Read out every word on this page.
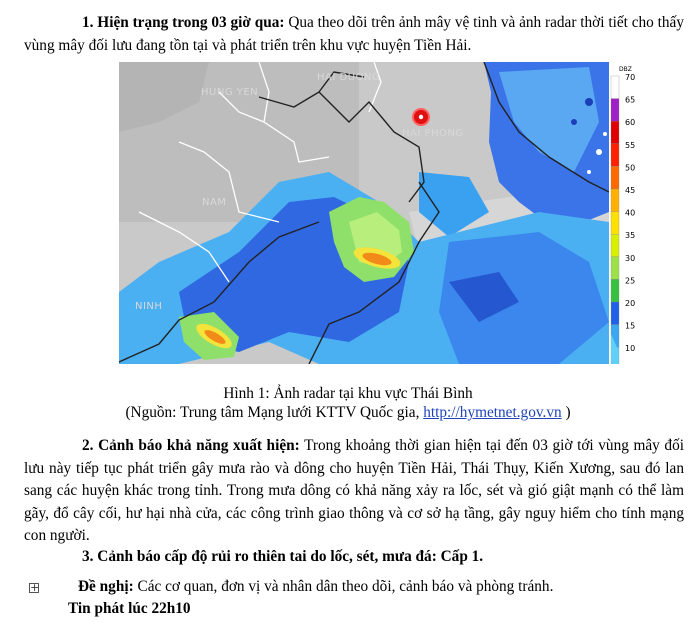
1. Hiện trạng trong 03 giờ qua: Qua theo dõi trên ảnh mây vệ tinh và ảnh radar thời tiết cho thấy vùng mây đối lưu đang tồn tại và phát triển trên khu vực huyện Tiền Hải.

HUNG YEN
HAI DUONG
HAI PHONG
NAM
NINH
DBZ
70
65
60
55
50
45
40
35
30
25
20
15
10
Hình 1: Ảnh radar tại khu vực Thái Bình
(Nguồn: Trung tâm Mạng lưới KTTV Quốc gia, http://hymetnet.gov.vn )

2. Cảnh báo khả năng xuất hiện: Trong khoảng thời gian hiện tại đến 03 giờ tới vùng mây đối lưu này tiếp tục phát triển gây mưa rào và dông cho huyện Tiền Hải, Thái Thụy, Kiến Xương, sau đó lan sang các huyện khác trong tỉnh. Trong mưa dông có khả năng xảy ra lốc, sét và gió giật mạnh có thể làm gãy, đổ cây cối, hư hại nhà cửa, các công trình giao thông và cơ sở hạ tầng, gây nguy hiểm cho tính mạng con người.

3. Cảnh báo cấp độ rủi ro thiên tai do lốc, sét, mưa đá: Cấp 1.

+	Đề nghị: Các cơ quan, đơn vị và nhân dân theo dõi, cảnh báo và phòng tránh.

Tin phát lúc 22h10
